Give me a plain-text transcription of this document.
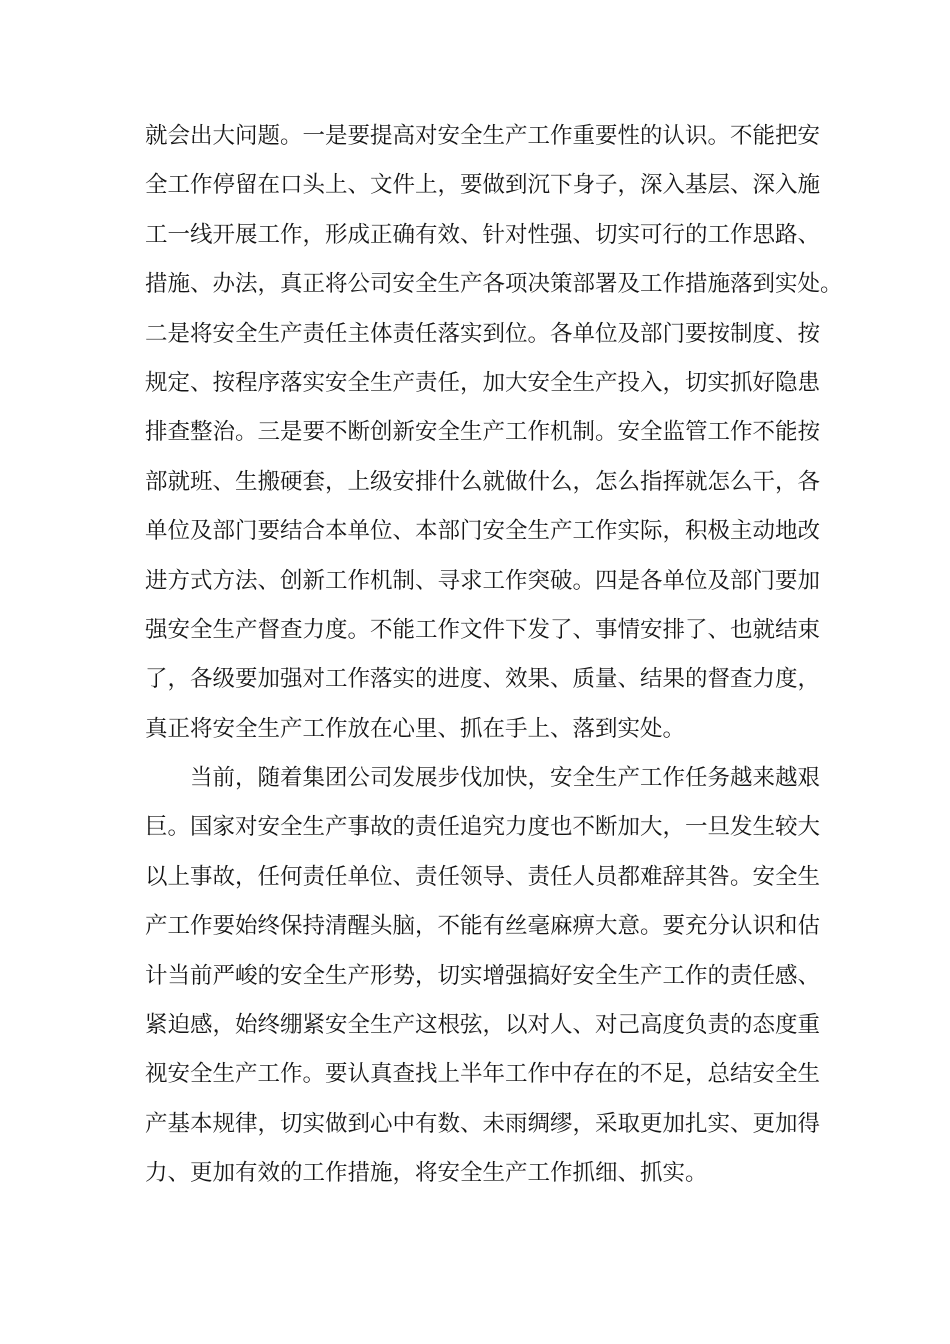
就会出大问题。一是要提高对安全生产工作重要性的认识。不能把安
全工作停留在口头上、文件上，要做到沉下身子，深入基层、深入施
工一线开展工作，形成正确有效、针对性强、切实可行的工作思路、
措施、办法，真正将公司安全生产各项决策部署及工作措施落到实处。
二是将安全生产责任主体责任落实到位。各单位及部门要按制度、按
规定、按程序落实安全生产责任，加大安全生产投入，切实抓好隐患
排查整治。三是要不断创新安全生产工作机制。安全监管工作不能按
部就班、生搬硬套，上级安排什么就做什么，怎么指挥就怎么干，各
单位及部门要结合本单位、本部门安全生产工作实际，积极主动地改
进方式方法、创新工作机制、寻求工作突破。四是各单位及部门要加
强安全生产督查力度。不能工作文件下发了、事情安排了、也就结束
了，各级要加强对工作落实的进度、效果、质量、结果的督查力度，
真正将安全生产工作放在心里、抓在手上、落到实处。
当前，随着集团公司发展步伐加快，安全生产工作任务越来越艰
巨。国家对安全生产事故的责任追究力度也不断加大，一旦发生较大
以上事故，任何责任单位、责任领导、责任人员都难辞其咎。安全生
产工作要始终保持清醒头脑，不能有丝毫麻痹大意。要充分认识和估
计当前严峻的安全生产形势，切实增强搞好安全生产工作的责任感、
紧迫感，始终绷紧安全生产这根弦，以对人、对己高度负责的态度重
视安全生产工作。要认真查找上半年工作中存在的不足，总结安全生
产基本规律，切实做到心中有数、未雨绸缪，采取更加扎实、更加得
力、更加有效的工作措施，将安全生产工作抓细、抓实。
